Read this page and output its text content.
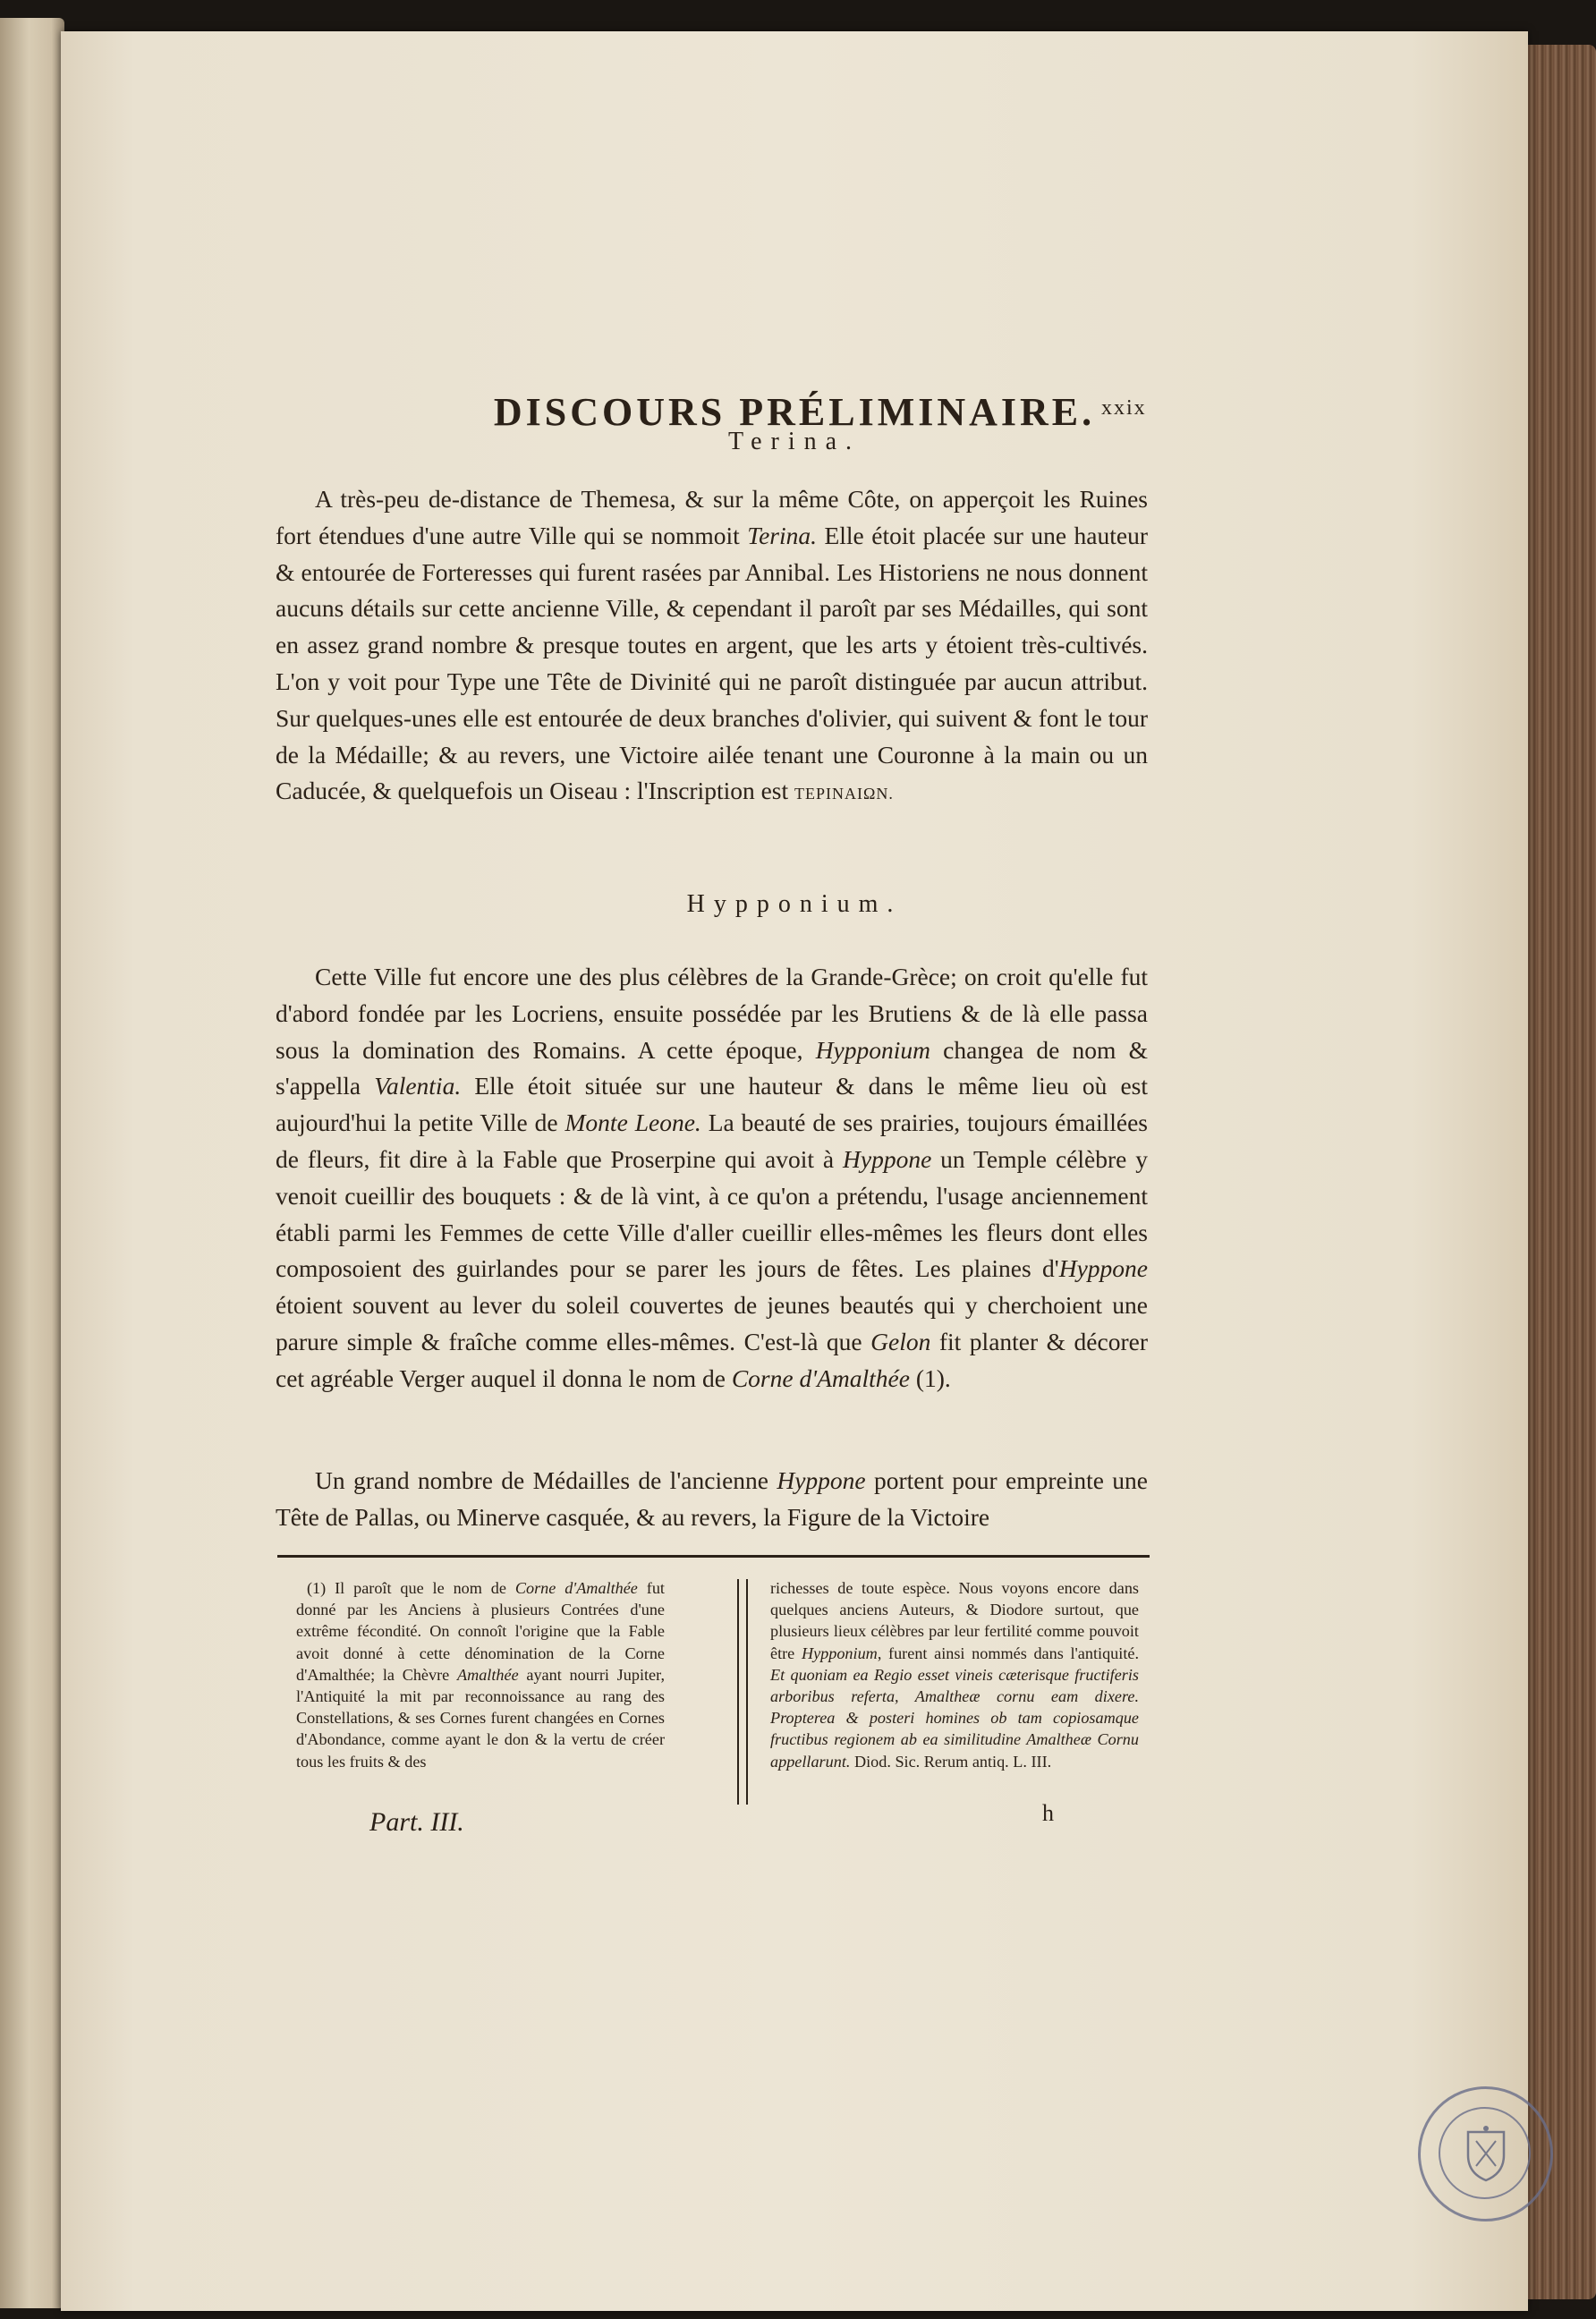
DISCOURS PRÉLIMINAIRE. xxix
Terina.
A très-peu de-distance de Themesa, & sur la même Côte, on apperçoit les Ruines fort étendues d'une autre Ville qui se nommoit Terina. Elle étoit placée sur une hauteur & entourée de Forteresses qui furent rasées par Annibal. Les Historiens ne nous donnent aucuns détails sur cette ancienne Ville, & cependant il paroît par ses Médailles, qui sont en assez grand nombre & presque toutes en argent, que les arts y étoient très-cultivés. L'on y voit pour Type une Tête de Divinité qui ne paroît distinguée par aucun attribut. Sur quelques-unes elle est entourée de deux branches d'olivier, qui suivent & font le tour de la Médaille; & au revers, une Victoire ailée tenant une Couronne à la main ou un Caducée, & quelquefois un Oiseau : l'Inscription est ΤΕΡΙΝΑΙΩΝ.
Hypponium.
Cette Ville fut encore une des plus célèbres de la Grande-Grèce; on croit qu'elle fut d'abord fondée par les Locriens, ensuite possédée par les Brutiens & de là elle passa sous la domination des Romains. A cette époque, Hypponium changea de nom & s'appella Valentia. Elle étoit située sur une hauteur & dans le même lieu où est aujourd'hui la petite Ville de Monte Leone. La beauté de ses prairies, toujours émaillées de fleurs, fit dire à la Fable que Proserpine qui avoit à Hyppone un Temple célèbre y venoit cueillir des bouquets : & de là vint, à ce qu'on a prétendu, l'usage anciennement établi parmi les Femmes de cette Ville d'aller cueillir elles-mêmes les fleurs dont elles composoient des guirlandes pour se parer les jours de fêtes. Les plaines d'Hyppone étoient souvent au lever du soleil couvertes de jeunes beautés qui y cherchoient une parure simple & fraîche comme elles-mêmes. C'est-là que Gelon fit planter & décorer cet agréable Verger auquel il donna le nom de Corne d'Amalthée (1).
Un grand nombre de Médailles de l'ancienne Hyppone portent pour empreinte une Tête de Pallas, ou Minerve casquée, & au revers, la Figure de la Victoire
(1) Il paroît que le nom de Corne d'Amalthée fut donné par les Anciens à plusieurs Contrées d'une extrême fécondité. On connoît l'origine que la Fable avoit donné à cette dénomination de la Corne d'Amalthée; la Chèvre Amalthée ayant nourri Jupiter, l'Antiquité la mit par reconnoissance au rang des Constellations, & ses Cornes furent changées en Cornes d'Abondance, comme ayant le don & la vertu de créer tous les fruits & des
richesses de toute espèce. Nous voyons encore dans quelques anciens Auteurs, & Diodore surtout, que plusieurs lieux célèbres par leur fertilité comme pouvoit être Hypponium, furent ainsi nommés dans l'antiquité. Et quoniam ea Regio esset vineis cæterisque fructiferis arboribus referta, Amaltheæ cornu eam dixere. Propterea & posteri homines ob tam copiosamque fructibus regionem ab ea similitudine Amaltheæ Cornu appellarunt. Diod. Sic. Rerum antiq. L. III.
Part. III.	h
